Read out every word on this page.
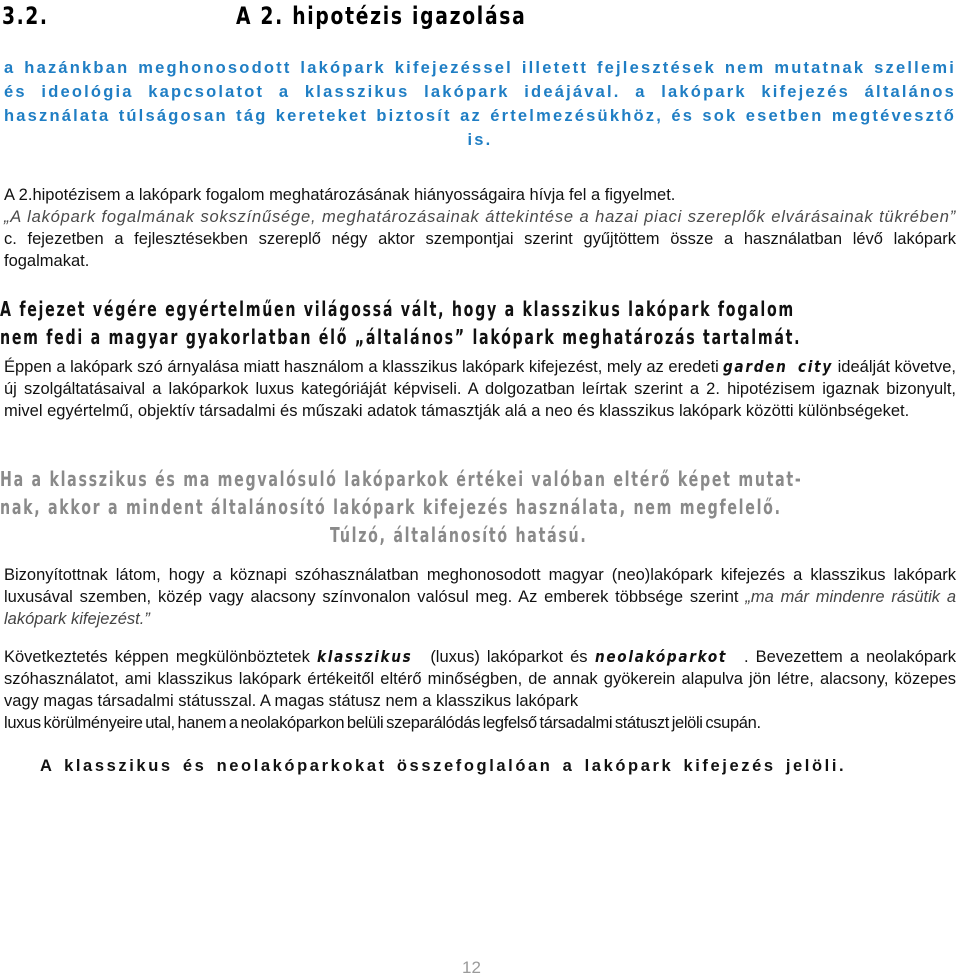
3.2.	A 2. hipotézis igazolása
a hazánkban meghonosodott lakópark kifejezéssel illetett fejlesztések nem mutatnak szellemi és ideológia kapcsolatot a klasszikus lakópark ideájával. a lakópark kifejezés általános használata túlságosan tág kereteket biztosít az értelmezésükhöz, és sok esetben megtévesztő is.
A 2.hipotézisem a lakópark fogalom meghatározásának hiányosságaira hívja fel a figyelmet.
„A lakópark fogalmának sokszínűsége, meghatározásainak áttekintése a hazai piaci szereplők elvárásainak tükrében” c. fejezetben a fejlesztésekben szereplő négy aktor szempontjai szerint gyűjtöttem össze a használatban lévő lakópark fogalmakat.
A fejezet végére egyértelműen világossá vált, hogy a klasszikus lakópark fogalom
nem fedi a magyar gyakorlatban élő „általános” lakópark meghatározás tartalmát.
Éppen a lakópark szó árnyalása miatt használom a klasszikus lakópark kifejezést, mely az eredeti garden city ideálját követve, új szolgáltatásaival a lakóparkok luxus kategóriáját képviseli. A dolgozatban leírtak szerint a 2. hipotézisem igaznak bizonyult, mivel egyértelmű, objektív társadalmi és műszaki adatok támasztják alá a neo és klasszikus lakópark közötti különbségeket.
Ha a klasszikus és ma megvalósuló lakóparkok értékei valóban eltérő képet mutat-
nak, akkor a mindent általánosító lakópark kifejezés használata, nem megfelelő.
Túlzó, általánosító hatású.
Bizonyítottnak látom, hogy a köznapi szóhasználatban meghonosodott magyar (neo)lakópark kifejezés a klasszikus lakópark luxusával szemben, közép vagy alacsony színvonalon valósul meg. Az emberek többsége szerint „ma már mindenre rásütik a lakópark kifejezést.”
Következtetés képpen megkülönböztetek klasszikus (luxus) lakóparkot és neolakóparkot . Bevezettem a neolakópark szóhasználatot, ami klasszikus lakópark értékeitől eltérő minőségben, de annak gyökerein alapulva jön létre, alacsony, közepes vagy magas társadalmi státusszal. A magas státusz nem a klasszikus lakópark
luxus körülményeire utal, hanem a neolakóparkon belüli szeparálódás legfelső társadalmi státuszt jelöli csupán.
A klasszikus és neolakóparkokat összefoglalóan a lakópark kifejezés jelöli.
12
